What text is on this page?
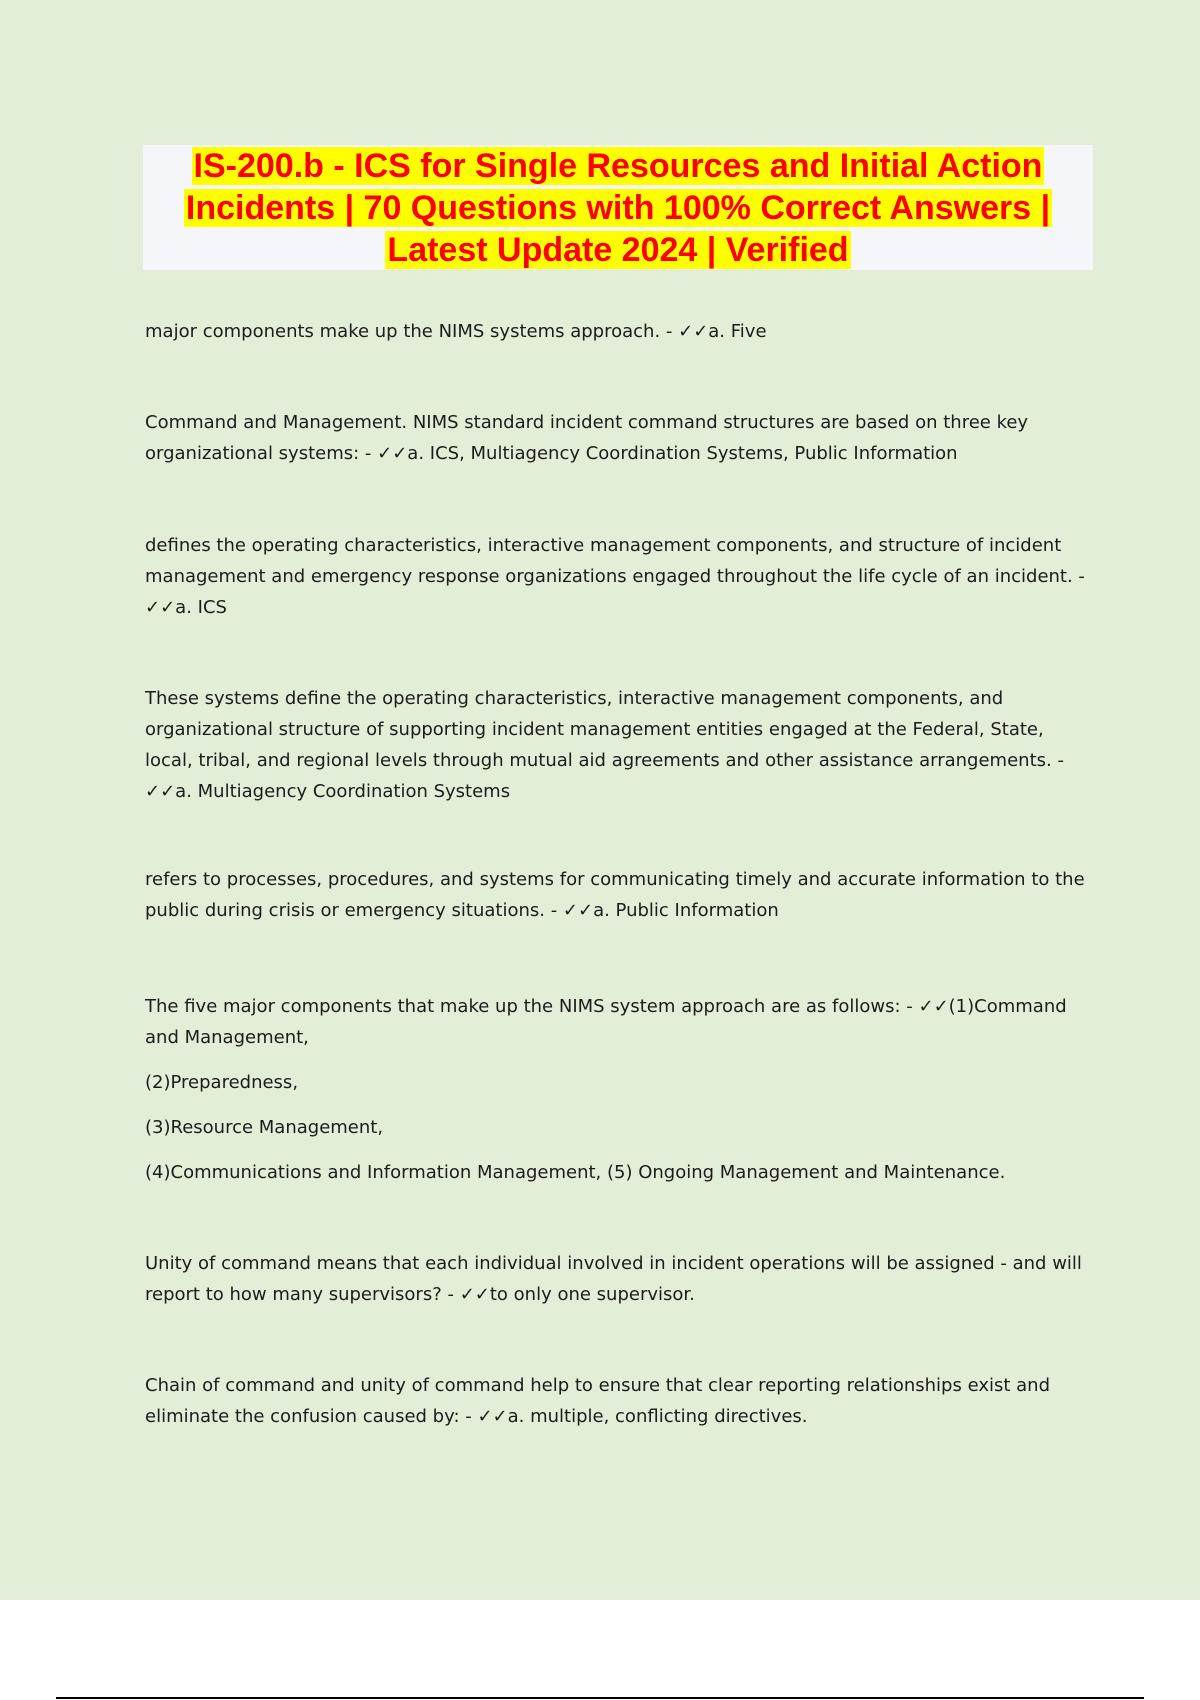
IS-200.b - ICS for Single Resources and Initial Action
Incidents | 70 Questions with 100% Correct Answers |
Latest Update 2024 | Verified

major components make up the NIMS systems approach. - ✓✓a. Five

Command and Management. NIMS standard incident command structures are based on three key organizational systems: - ✓✓a. ICS, Multiagency Coordination Systems, Public Information

defines the operating characteristics, interactive management components, and structure of incident management and emergency response organizations engaged throughout the life cycle of an incident. - ✓✓a. ICS

These systems define the operating characteristics, interactive management components, and organizational structure of supporting incident management entities engaged at the Federal, State, local, tribal, and regional levels through mutual aid agreements and other assistance arrangements. - ✓✓a. Multiagency Coordination Systems

refers to processes, procedures, and systems for communicating timely and accurate information to the public during crisis or emergency situations. - ✓✓a. Public Information

The five major components that make up the NIMS system approach are as follows: - ✓✓(1)Command and Management,

(2)Preparedness,

(3)Resource Management,

(4)Communications and Information Management, (5) Ongoing Management and Maintenance.

Unity of command means that each individual involved in incident operations will be assigned - and will report to how many supervisors? - ✓✓to only one supervisor.

Chain of command and unity of command help to ensure that clear reporting relationships exist and eliminate the confusion caused by: - ✓✓a. multiple, conflicting directives.
